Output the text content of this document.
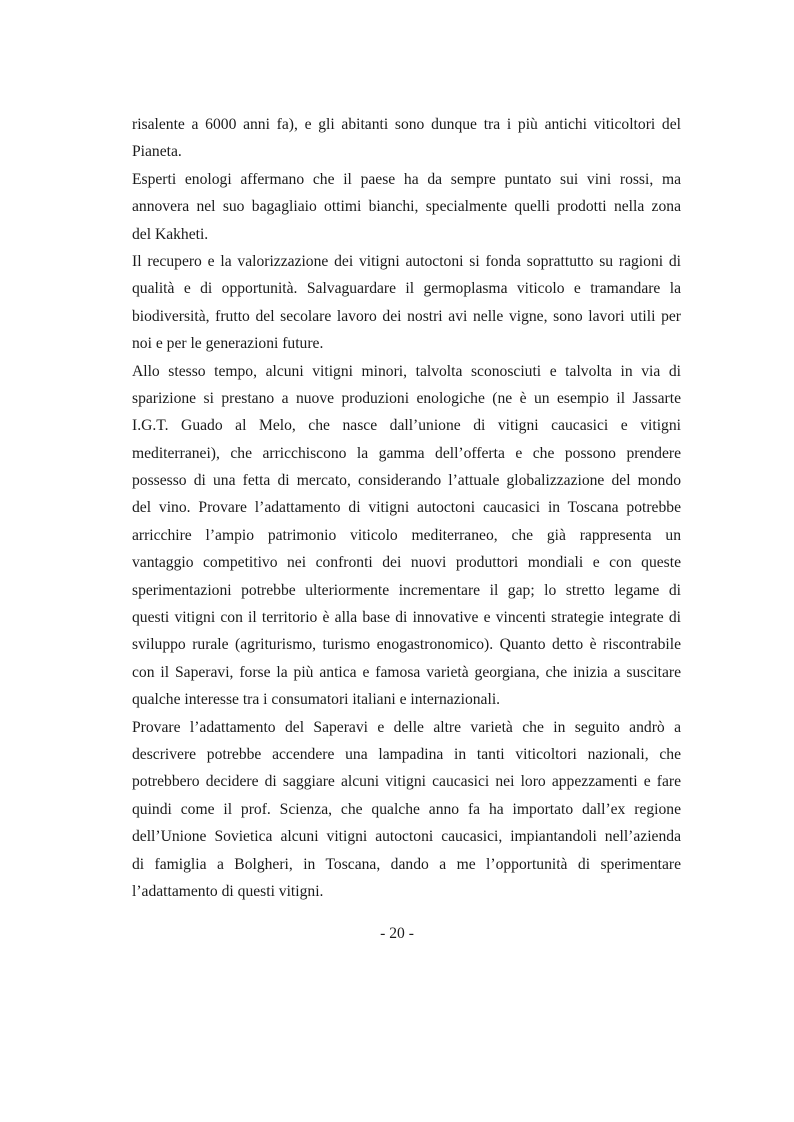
risalente a 6000 anni fa), e gli abitanti sono dunque tra i più antichi viticoltori del
Pianeta.
Esperti enologi affermano che il paese ha da sempre puntato sui vini rossi, ma
annovera nel suo bagagliaio ottimi bianchi, specialmente quelli prodotti nella zona
del Kakheti.
Il recupero e la valorizzazione dei vitigni autoctoni si fonda soprattutto su ragioni di
qualità e di opportunità. Salvaguardare il germoplasma viticolo e tramandare la
biodiversità, frutto del secolare lavoro dei nostri avi nelle vigne, sono lavori utili per
noi e per le generazioni future.
Allo stesso tempo, alcuni vitigni minori, talvolta sconosciuti e talvolta in via di
sparizione si prestano a nuove produzioni enologiche (ne è un esempio il Jassarte
I.G.T. Guado al Melo, che nasce dall’unione di vitigni caucasici e vitigni
mediterranei), che arricchiscono la gamma dell’offerta e che possono prendere
possesso di una fetta di mercato, considerando l’attuale globalizzazione del mondo
del vino. Provare l’adattamento di vitigni autoctoni caucasici in Toscana potrebbe
arricchire l’ampio patrimonio viticolo mediterraneo, che già rappresenta un
vantaggio competitivo nei confronti dei nuovi produttori mondiali e con queste
sperimentazioni potrebbe ulteriormente incrementare il gap; lo stretto legame di
questi vitigni con il territorio è alla base di innovative e vincenti strategie integrate di
sviluppo rurale (agriturismo, turismo enogastronomico). Quanto detto è riscontrabile
con il Saperavi, forse la più antica e famosa varietà georgiana, che inizia a suscitare
qualche interesse tra i consumatori italiani e internazionali.
Provare l’adattamento del Saperavi e delle altre varietà che in seguito andrò a
descrivere potrebbe accendere una lampadina in tanti viticoltori nazionali, che
potrebbero decidere di saggiare alcuni vitigni caucasici nei loro appezzamenti e fare
quindi come il prof. Scienza, che qualche anno fa ha importato dall’ex regione
dell’Unione Sovietica alcuni vitigni autoctoni caucasici, impiantandoli nell’azienda
di famiglia a Bolgheri, in Toscana, dando a me l’opportunità di sperimentare
l’adattamento di questi vitigni.
- 20 -
